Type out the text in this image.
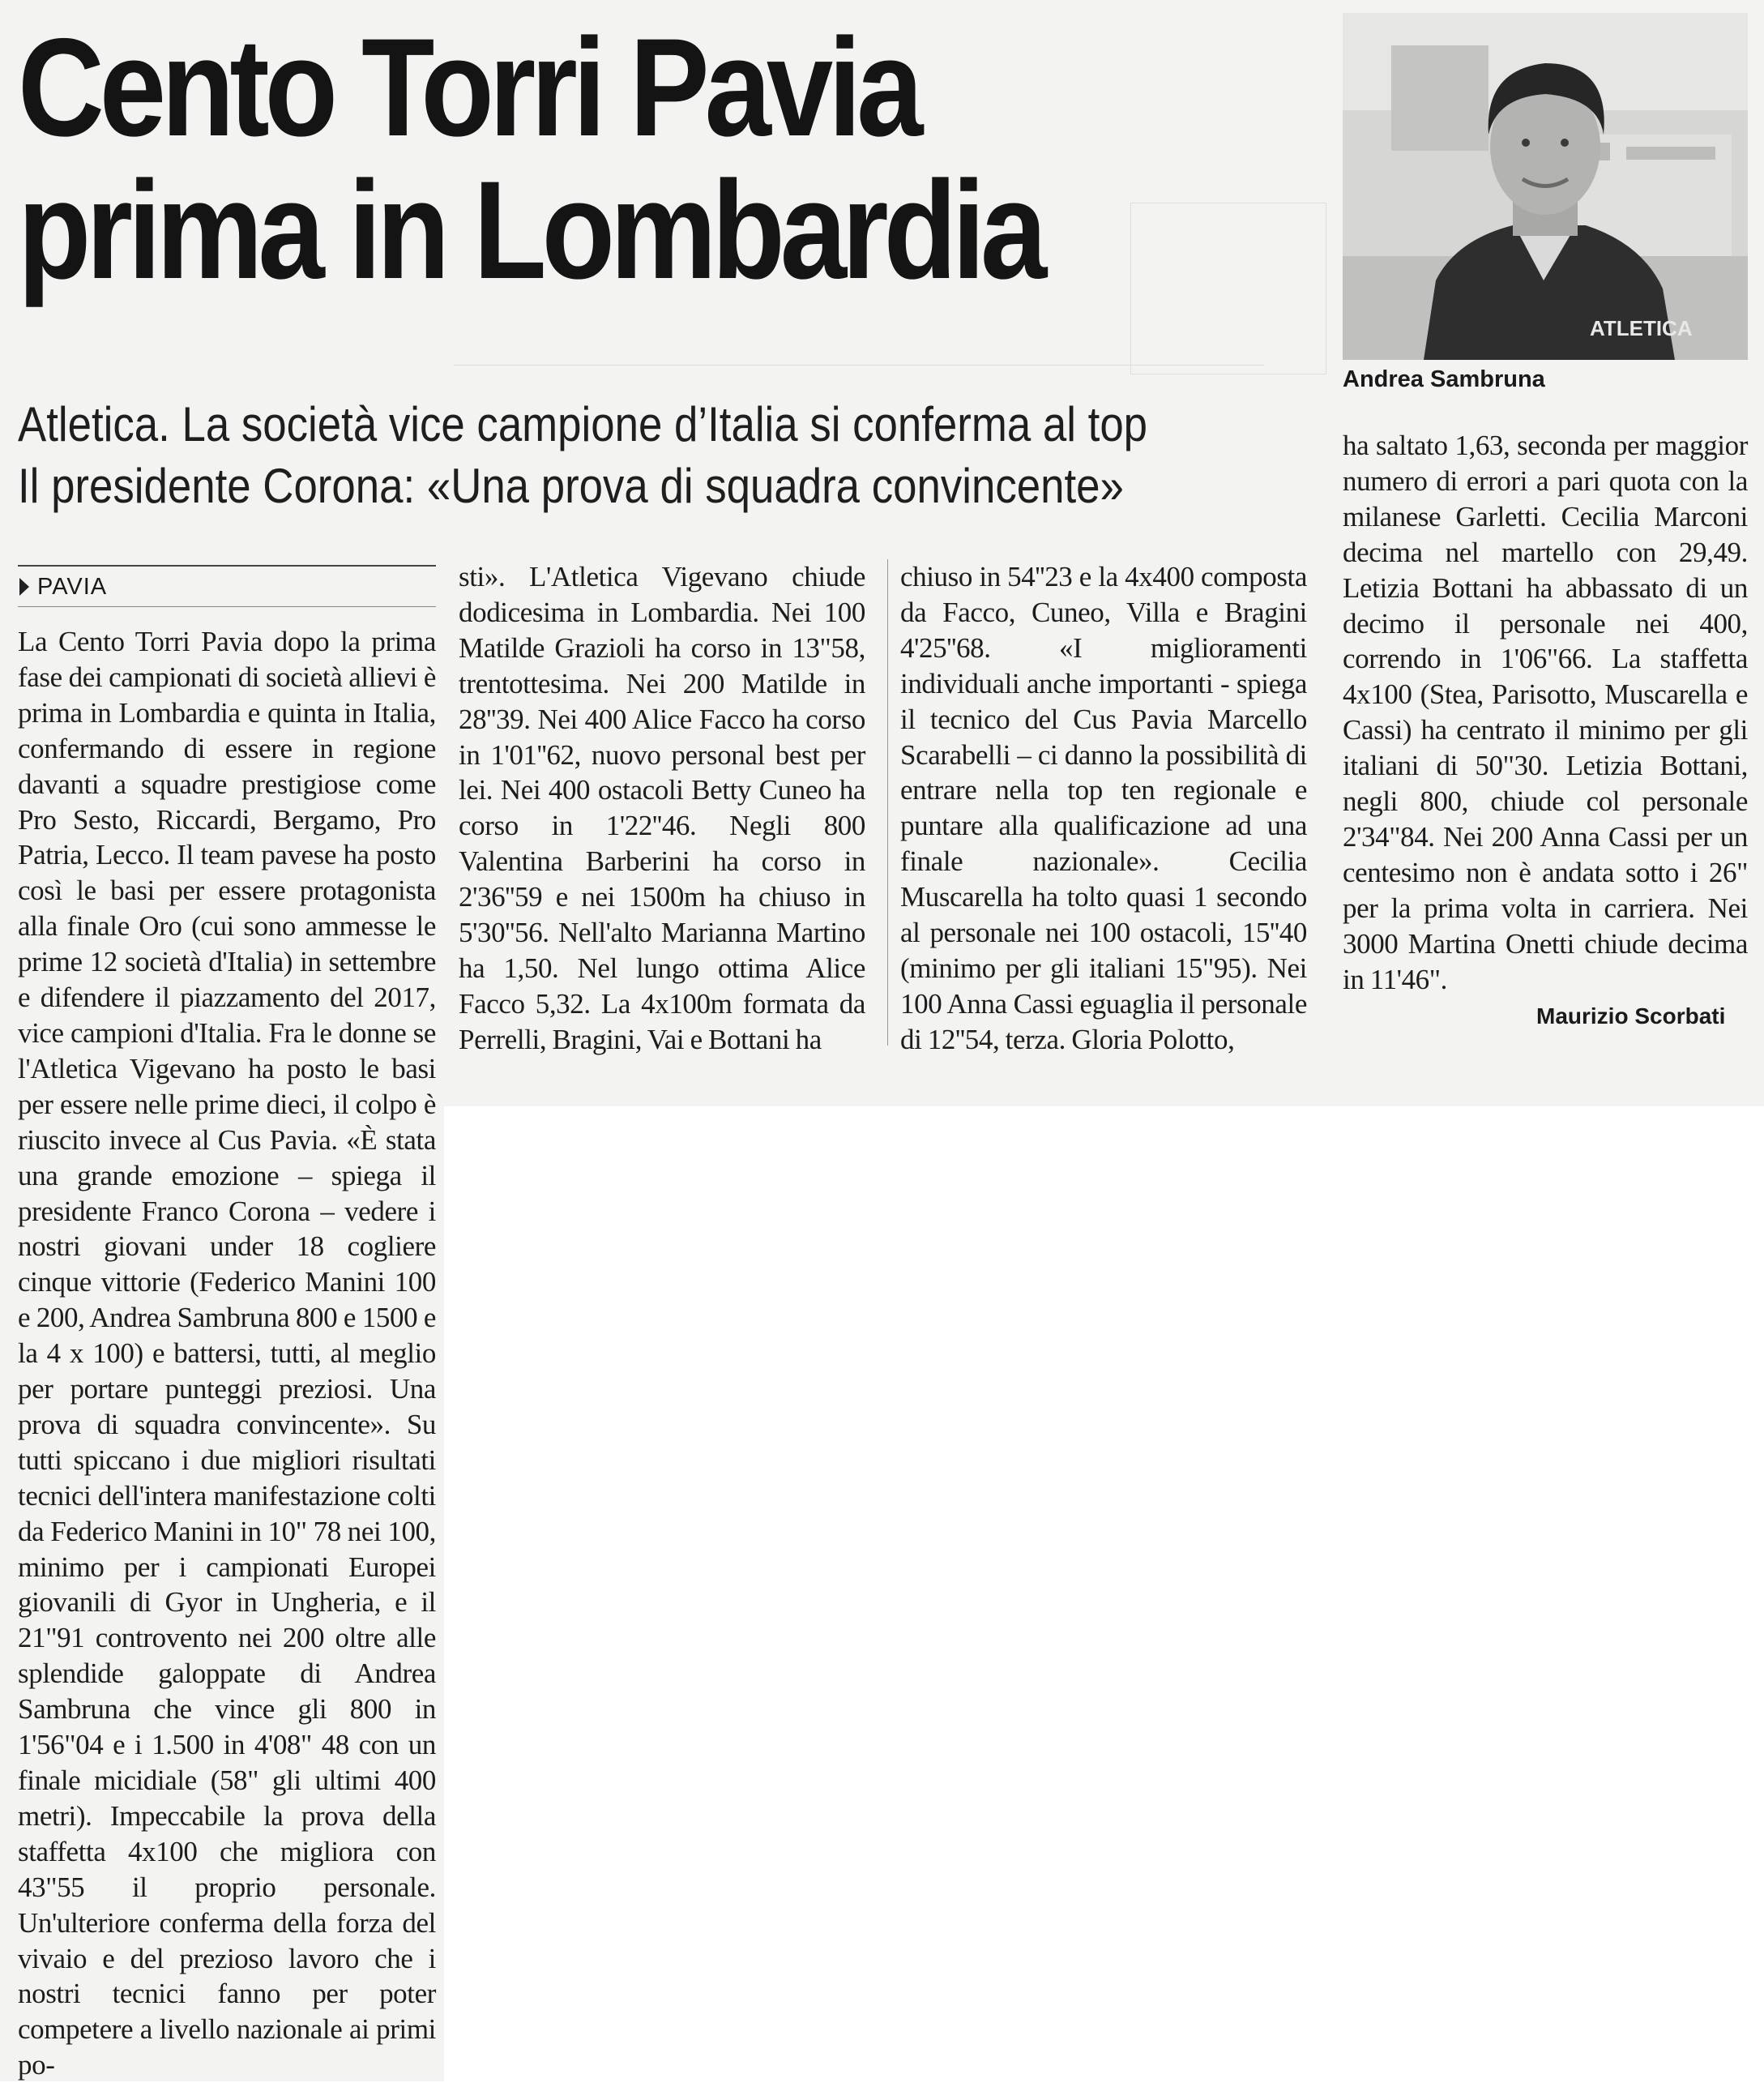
Cento Torri Pavia
prima in Lombardia
ATLETICA
Andrea Sambruna
Atletica. La società vice campione d’Italia si conferma al top
Il presidente Corona: «Una prova di squadra convincente»
PAVIA
La Cento Torri Pavia dopo la prima fase dei campionati di società allievi è prima in Lombardia e quinta in Italia, confermando di essere in regione davanti a squadre prestigiose come Pro Sesto, Riccardi, Bergamo, Pro Patria, Lecco. Il team pavese ha posto così le basi per essere protagonista alla finale Oro (cui sono ammesse le prime 12 società d'Italia) in settembre e difendere il piazzamento del 2017, vice campioni d'Italia. Fra le donne se l'Atletica Vigevano ha posto le basi per essere nelle prime dieci, il colpo è riuscito invece al Cus Pavia. «È stata una grande emozione – spiega il presidente Franco Corona – vedere i nostri giovani under 18 cogliere cinque vittorie (Federico Manini 100 e 200, Andrea Sambruna 800 e 1500 e la 4 x 100) e battersi, tutti, al meglio per portare punteggi preziosi. Una prova di squadra convincente». Su tutti spiccano i due migliori risultati tecnici dell'intera manifestazione colti da Federico Manini in 10" 78 nei 100, minimo per i campionati Europei giovanili di Gyor in Ungheria, e il 21"91 controvento nei 200 oltre alle splendide galoppate di Andrea Sambruna che vince gli 800 in 1'56"04 e i 1.500 in 4'08" 48 con un finale micidiale (58" gli ultimi 400 metri). Impeccabile la prova della staffetta 4x100 che migliora con 43"55 il proprio personale. Un'ulteriore conferma della forza del vivaio e del prezioso lavoro che i nostri tecnici fanno per poter competere a livello nazionale ai primi po-
sti». L'Atletica Vigevano chiude dodicesima in Lombardia. Nei 100 Matilde Grazioli ha corso in 13"58, trentottesima. Nei 200 Matilde in 28''39. Nei 400 Alice Facco ha corso in 1'01''62, nuovo personal best per lei. Nei 400 ostacoli Betty Cuneo ha corso in 1'22''46. Negli 800 Valentina Barberini ha corso in 2'36''59 e nei 1500m ha chiuso in 5'30''56. Nell'alto Marianna Martino ha 1,50. Nel lungo ottima Alice Facco 5,32. La 4x100m formata da Perrelli, Bragini, Vai e Bottani ha
chiuso in 54''23 e la 4x400 composta da Facco, Cuneo, Villa e Bragini 4'25''68. «I miglioramenti individuali anche importanti - spiega il tecnico del Cus Pavia Marcello Scarabelli – ci danno la possibilità di entrare nella top ten regionale e puntare alla qualificazione ad una finale nazionale». Cecilia Muscarella ha tolto quasi 1 secondo al personale nei 100 ostacoli, 15''40 (minimo per gli italiani 15"95). Nei 100 Anna Cassi eguaglia il personale di 12''54, terza. Gloria Polotto,
ha saltato 1,63, seconda per maggior numero di errori a pari quota con la milanese Garletti. Cecilia Marconi decima nel martello con 29,49. Letizia Bottani ha abbassato di un decimo il personale nei 400, correndo in 1'06"66. La staffetta 4x100 (Stea, Parisotto, Muscarella e Cassi) ha centrato il minimo per gli italiani di 50"30. Letizia Bottani, negli 800, chiude col personale 2'34"84. Nei 200 Anna Cassi per un centesimo non è andata sotto i 26" per la prima volta in carriera. Nei 3000 Martina Onetti chiude decima in 11'46".
Maurizio Scorbati
